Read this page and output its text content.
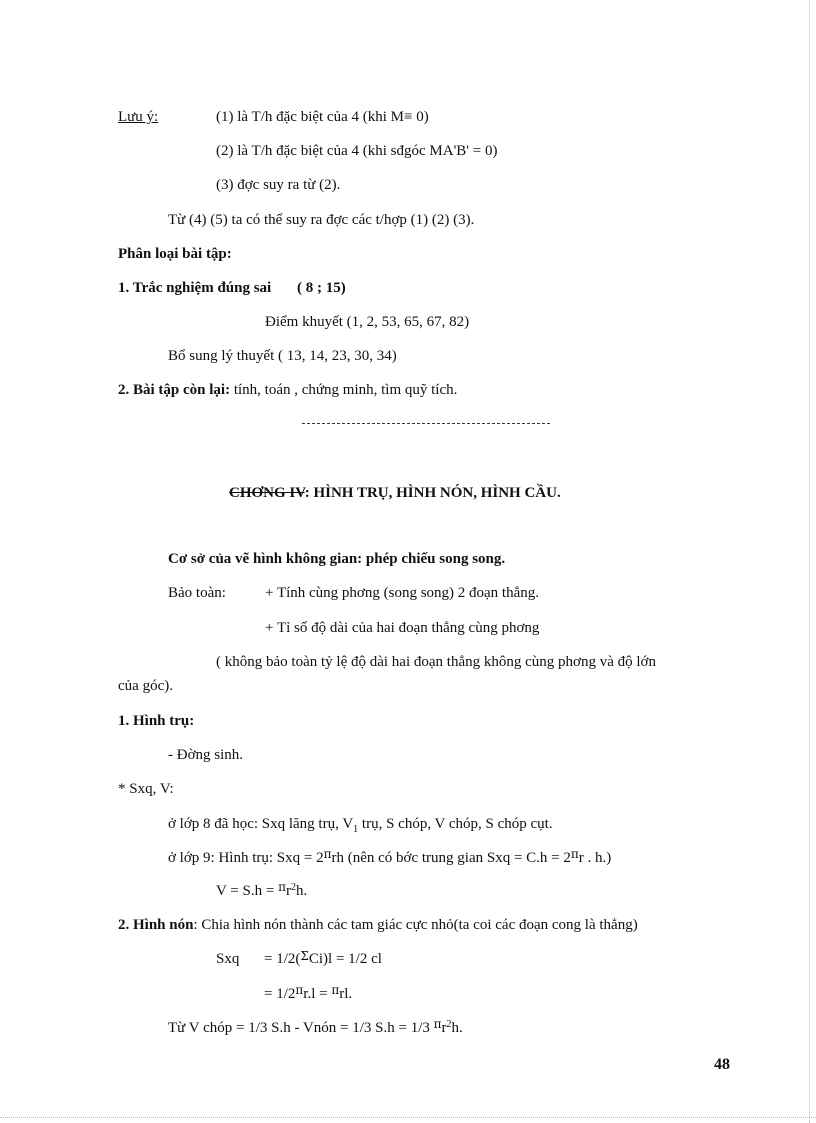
Lưu ý:	(1) là T/h đặc biệt của 4 (khi M≡ 0)
(2) là T/h đặc biệt của 4 (khi sđgóc MA'B' = 0)
(3) đợc suy ra từ (2).
Từ (4) (5) ta có thể suy ra đợc các t/hợp (1) (2) (3).
Phân loại bài tập:
1. Trắc nghiệm đúng sai ( 8 ; 15)
Điểm khuyết (1, 2, 53, 65, 67, 82)
Bổ sung lý thuyết ( 13, 14, 23, 30, 34)
2. Bài tập còn lại: tính, toán , chứng minh, tìm quỹ tích.
CHƠNG IV: HÌNH TRỤ, HÌNH NÓN, HÌNH CẦU.
Cơ sở của vẽ hình không gian: phép chiếu song song.
Bảo toàn:	+ Tính cùng phơng (song song) 2 đoạn thẳng.
+ Tỉ số độ dài của hai đoạn thẳng cùng phơng
( không bảo toàn tỷ lệ độ dài hai đoạn thẳng không cùng phơng và độ lớn
của góc).
1. Hình trụ:
- Đờng sinh.
* Sxq, V:
ở lớp 8 đã học: Sxq lăng trụ, $V_1$ trụ, S chóp, V chóp, S chóp cụt.
ở lớp 9: Hình trụ: Sxq = $2^\pi rh$ (nên có bớc trung gian Sxq = $C.h = 2^\pi r$ . h.)
$V = S.h = ^\pi r^2h$.
2. Hình nón: Chia hình nón thành các tam giác cực nhỏ(ta coi các đoạn cong là thẳng)
Sxq = 1/2($^\Sigma$Ci)l = 1/2 cl
= $1/2^\pi r.l = ^\pi rl$.
Từ V chóp = 1/3 S.h - Vnón = 1/3 S.h = 1/3 $^\pi r^2h$.
48
